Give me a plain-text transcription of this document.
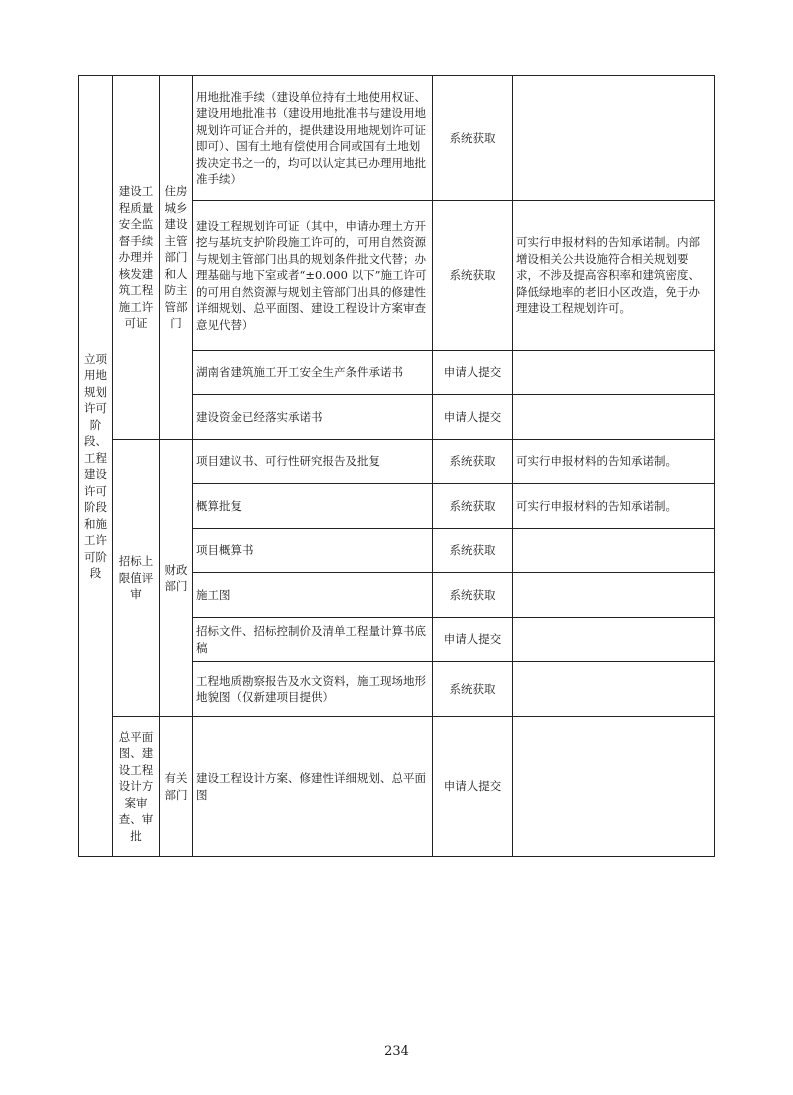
立项用地规划许可阶段、工程建设许可阶段和施工许可阶段	建设工程质量安全监督手续办理并核发建筑工程施工许可证	住房城乡建设主管部门和人防主管部门	用地批准手续（建设单位持有土地使用权证、建设用地批准书（建设用地批准书与建设用地规划许可证合并的，提供建设用地规划许可证即可）、国有土地有偿使用合同或国有土地划拨决定书之一的，均可以认定其已办理用地批准手续）	系统获取	
			建设工程规划许可证（其中，申请办理土方开挖与基坑支护阶段施工许可的，可用自然资源与规划主管部门出具的规划条件批文代替；办理基础与地下室或者“±0.000 以下”施工许可的可用自然资源与规划主管部门出具的修建性详细规划、总平面图、建设工程设计方案审查意见代替）	系统获取	可实行申报材料的告知承诺制。内部增设相关公共设施符合相关规划要求，不涉及提高容积率和建筑密度、降低绿地率的老旧小区改造，免于办理建设工程规划许可。
			湖南省建筑施工开工安全生产条件承诺书	申请人提交	
			建设资金已经落实承诺书	申请人提交	
	招标上限值评审	财政部门	项目建议书、可行性研究报告及批复	系统获取	可实行申报材料的告知承诺制。
			概算批复	系统获取	可实行申报材料的告知承诺制。
			项目概算书	系统获取	
			施工图	系统获取	
			招标文件、招标控制价及清单工程量计算书底稿	申请人提交	
			工程地质勘察报告及水文资料，施工现场地形地貌图（仅新建项目提供）	系统获取	
	总平面图、建设工程设计方案审查、审批	有关部门	建设工程设计方案、修建性详细规划、总平面图	申请人提交	
234
